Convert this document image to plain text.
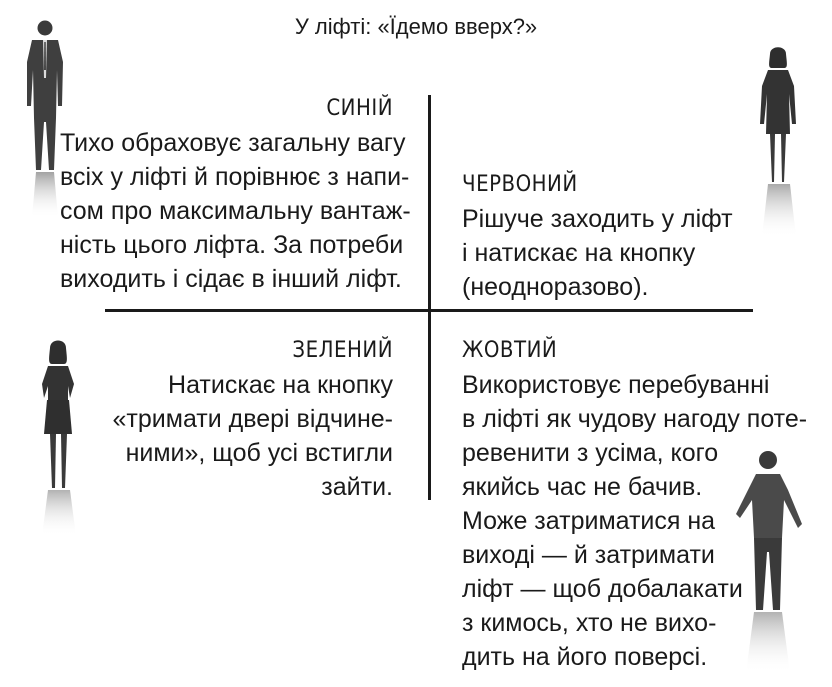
У ліфті: «Їдемо вверх?»
СИНІЙ
Тихо обраховує загальну вагу
всіх у ліфті й порівнює з напи-
сом про максимальну вантаж-
ність цього ліфта. За потреби
виходить і сідає в інший ліфт.
ЧЕРВОНИЙ
Рішуче заходить у ліфт
і натискає на кнопку
(неодноразово).
ЗЕЛЕНИЙ
Натискає на кнопку
«тримати двері відчине-
ними», щоб усі встигли
зайти.
ЖОВТИЙ
Використовує перебуванні
в ліфті як чудову нагоду поте-
ревенити з усіма, кого
якийсь час не бачив.
Може затриматися на
виході — й затримати
ліфт — щоб добалакати
з кимось, хто не вихо-
дить на його поверсі.
